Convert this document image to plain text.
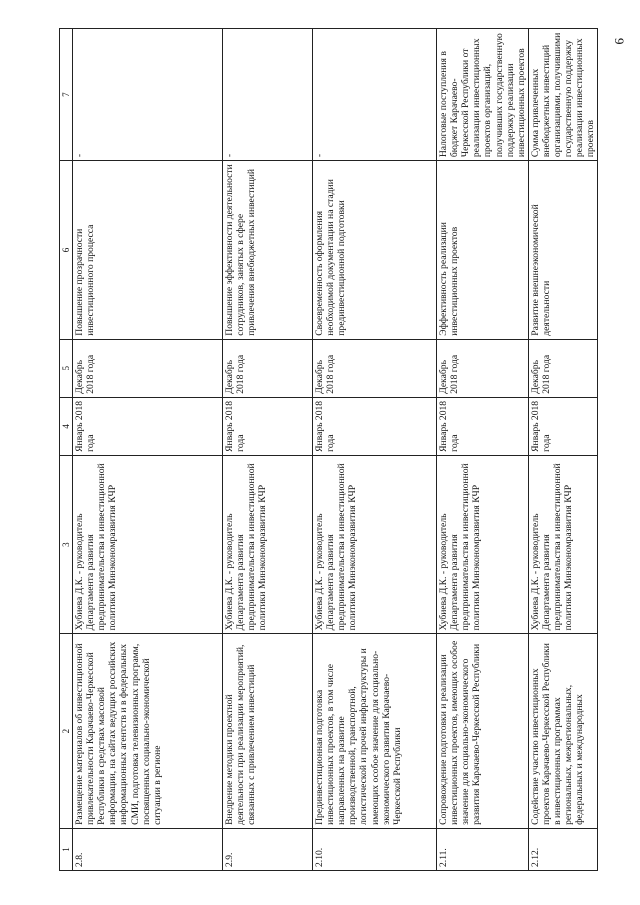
9
1	2	3	4	5	6	7
2.8.	Размещение материалов об инвестиционной привлекательности Карачаево-Черкесской Республики в средствах массовой информации, на сайтах ведущих российских информационных агентств и в федеральных СМИ, подготовка телевизионных программ, посвященных социально-экономической ситуации в регионе	Хубиева Д.К. - руководитель Департамента развития предпринимательства и инвестиционной политики Минэкономразвития КЧР	Январь 2018 года	Декабрь 2018 года	Повышение прозрачности инвестиционного процесса	-
2.9.	Внедрение методики проектной деятельности при реализации мероприятий, связанных с привлечением инвестиций	Хубиева Д.К. - руководитель Департамента развития предпринимательства и инвестиционной политики Минэкономразвития КЧР	Январь 2018 года	Декабрь 2018 года	Повышение эффективности деятельности сотрудников, занятых в сфере привлечения внебюджетных инвестиций	-
2.10.	Прединвестиционная подготовка инвестиционных проектов, в том числе направленных на развитие производственной, транспортной, логистической и прочей инфраструктуры и имеющих особое значение для социально-экономического развития Карачаево-Черкесской Республики	Хубиева Д.К. - руководитель Департамента развития предпринимательства и инвестиционной политики Минэкономразвития КЧР	Январь 2018 года	Декабрь 2018 года	Своевременность оформления необходимой документации на стадии прединвестиционной подготовки	-
2.11.	Сопровождение подготовки и реализации инвестиционных проектов, имеющих особое значение для социально-экономического развития Карачаево-Черкесской Республики	Хубиева Д.К. - руководитель Департамента развития предпринимательства и инвестиционной политики Минэкономразвития КЧР	Январь 2018 года	Декабрь 2018 года	Эффективность реализации инвестиционных проектов	Налоговые поступления в бюджет Карачаево-Черкесской Республики от реализации инвестиционных проектов организаций, получивших государственную поддержку реализации инвестиционных проектов
2.12.	Содействие участию инвестиционных проектов Карачаево-Черкесской Республики в инвестиционных программах региональных, межрегиональных, федеральных и международных	Хубиева Д.К. - руководитель Департамента развития предпринимательства и инвестиционной политики Минэкономразвития КЧР	Январь 2018 года	Декабрь 2018 года	Развитие внешнеэкономической деятельности	Сумма привлеченных внебюджетных инвестиций организациями, получившими государственную поддержку реализации инвестиционных проектов
